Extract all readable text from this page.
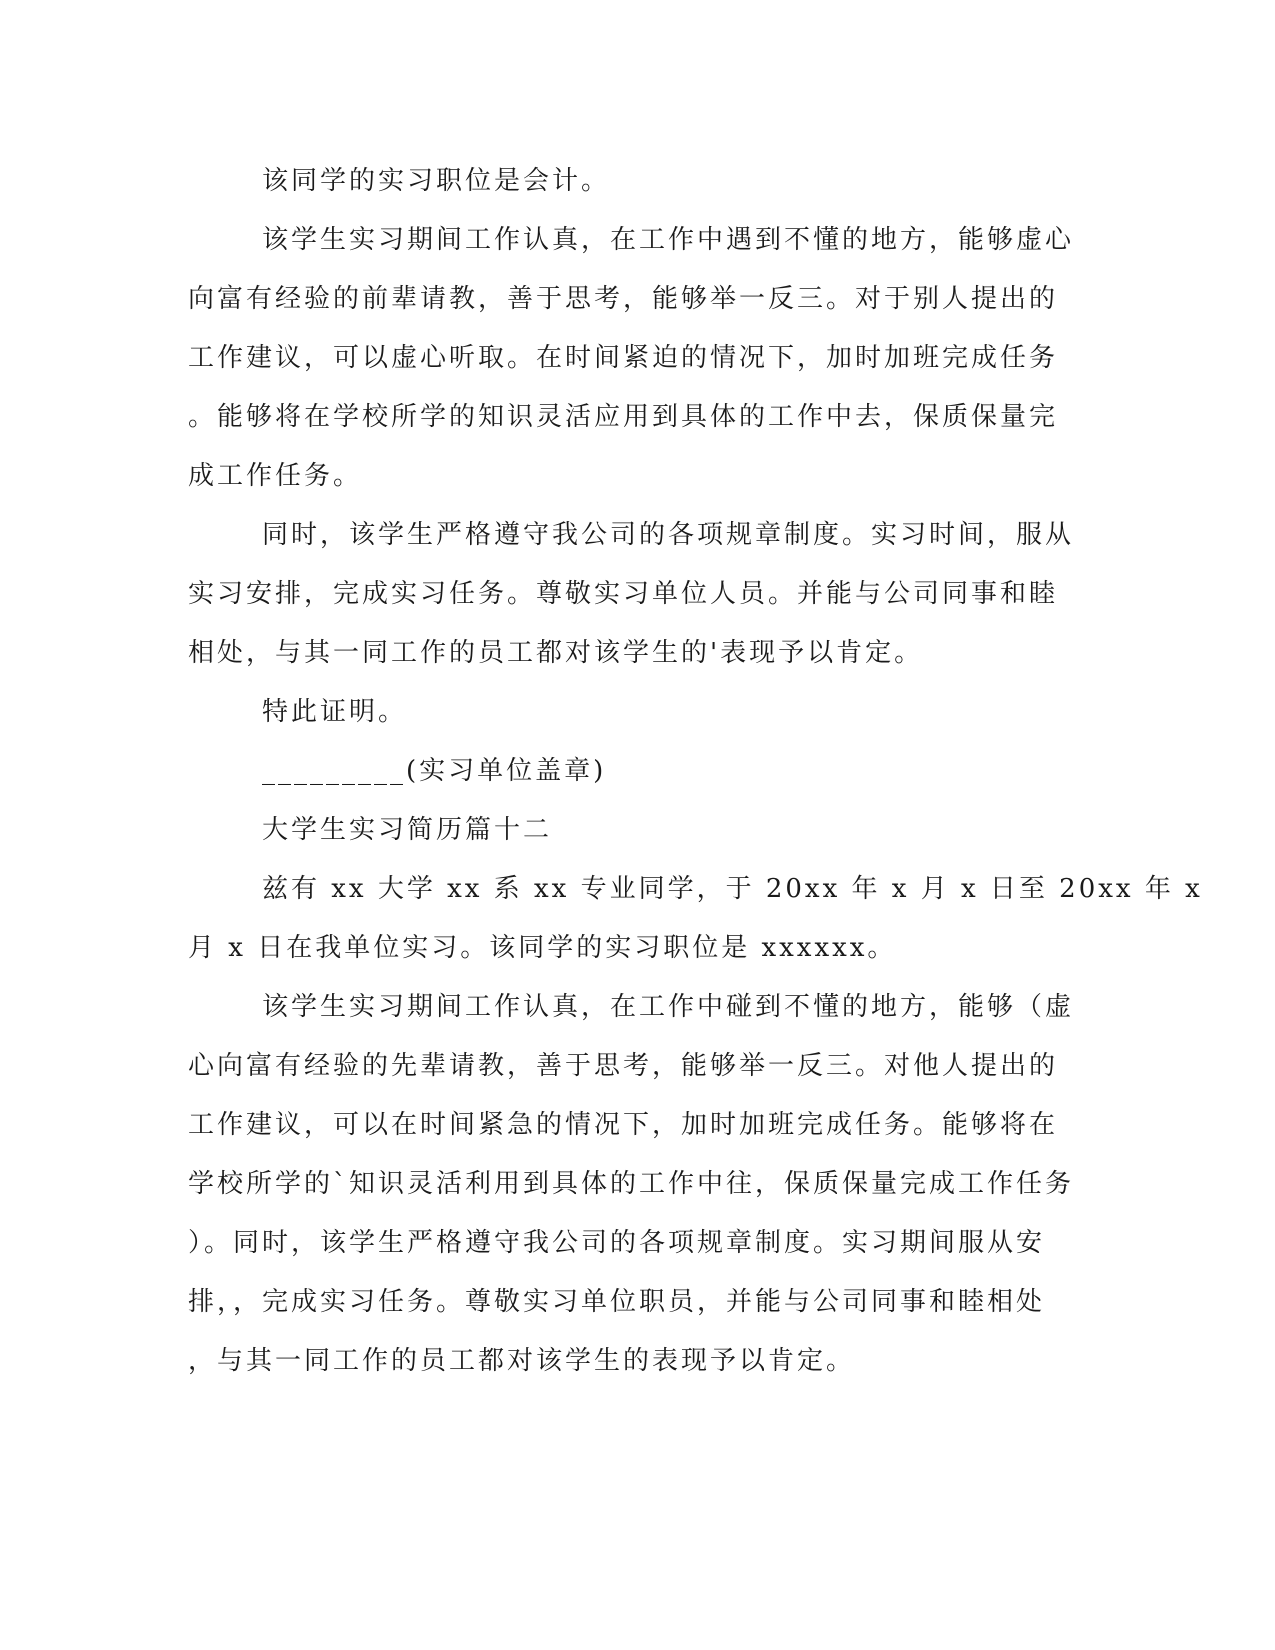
该同学的实习职位是会计。
该学生实习期间工作认真，在工作中遇到不懂的地方，能够虚心
向富有经验的前辈请教，善于思考，能够举一反三。对于别人提出的
工作建议，可以虚心听取。在时间紧迫的情况下，加时加班完成任务
。能够将在学校所学的知识灵活应用到具体的工作中去，保质保量完
成工作任务。
同时，该学生严格遵守我公司的各项规章制度。实习时间，服从
实习安排，完成实习任务。尊敬实习单位人员。并能与公司同事和睦
相处，与其一同工作的员工都对该学生的'表现予以肯定。
特此证明。
_________(实习单位盖章)
大学生实习简历篇十二
兹有 xx 大学 xx 系 xx 专业同学，于 20xx 年 x 月 x 日至 20xx 年 x
月 x 日在我单位实习。该同学的实习职位是 xxxxxx。
该学生实习期间工作认真，在工作中碰到不懂的地方，能够（虚
心向富有经验的先辈请教，善于思考，能够举一反三。对他人提出的
工作建议，可以在时间紧急的情况下，加时加班完成任务。能够将在
学校所学的`知识灵活利用到具体的工作中往，保质保量完成工作任务
）。同时，该学生严格遵守我公司的各项规章制度。实习期间服从安
排，，完成实习任务。尊敬实习单位职员，并能与公司同事和睦相处
，与其一同工作的员工都对该学生的表现予以肯定。
